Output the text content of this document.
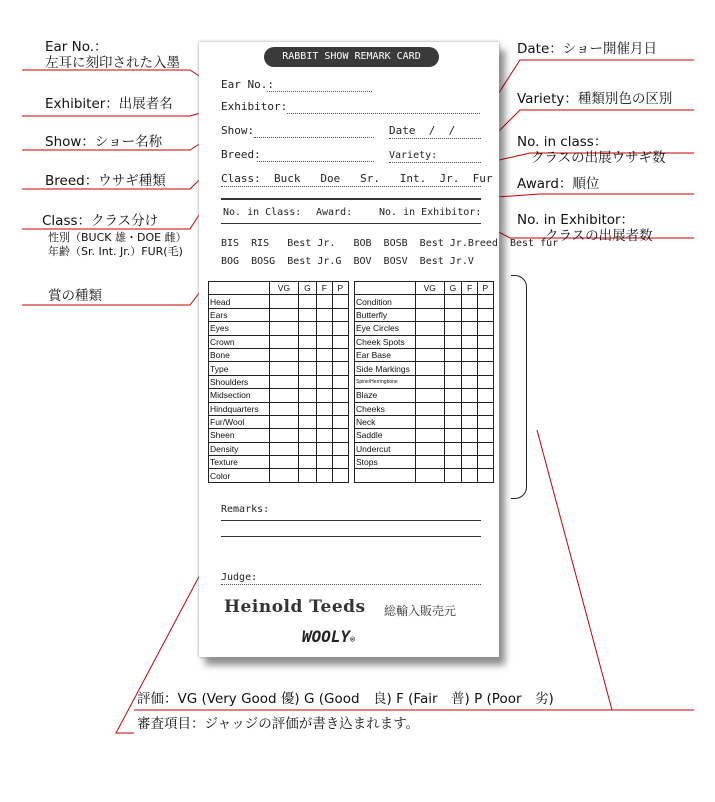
Ear No.：
左耳に刻印された入墨
Exhibiter：出展者名
Show：ショー名称
Breed：ウサギ種類
Class：クラス分け
性別（BUCK 雄・DOE 雌）
年齢（Sr. Int. Jr.）FUR(毛)
賞の種類
Date：ショー開催月日
Variety：種類別色の区別
No. in class：
クラスの出展ウサギ数
Award：順位
No. in Exhibitor：
クラスの出展者数
評価：VG (Very Good 優) G (Good　良) F (Fair　普) P (Poor　劣)
審査項目：ジャッジの評価が書き込まれます。
RABBIT SHOW REMARK CARD
Ear No.:
Exhibitor:
Show:	Date  /  /
Breed:	Variety:
Class:  Buck   Doe   Sr.   Int.  Jr.  Fur
No. in Class: Award:	No. in Exhibitor:
BIS  RIS   Best Jr.   BOB  BOSB  Best Jr.Breed  Best fur
BOG  BOSG  Best Jr.G  BOV  BOSV  Best Jr.V
	VG	G	F	P
Head				
Ears				
Eyes				
Crown				
Bone				
Type				
Shoulders				
Midsection				
Hindquarters				
Fur/Wool				
Sheen				
Density				
Texture				
Color				
	VG	G	F	P
Condition				
Butterfly				
Eye Circles				
Cheek Spots				
Ear Base				
Side Markings				
Spine/Herringbone				
Blaze				
Cheeks				
Neck				
Saddle				
Undercut				
Stops				

Remarks:
Judge:
Heinold Teeds 総輸入販売元
WOOLY®
